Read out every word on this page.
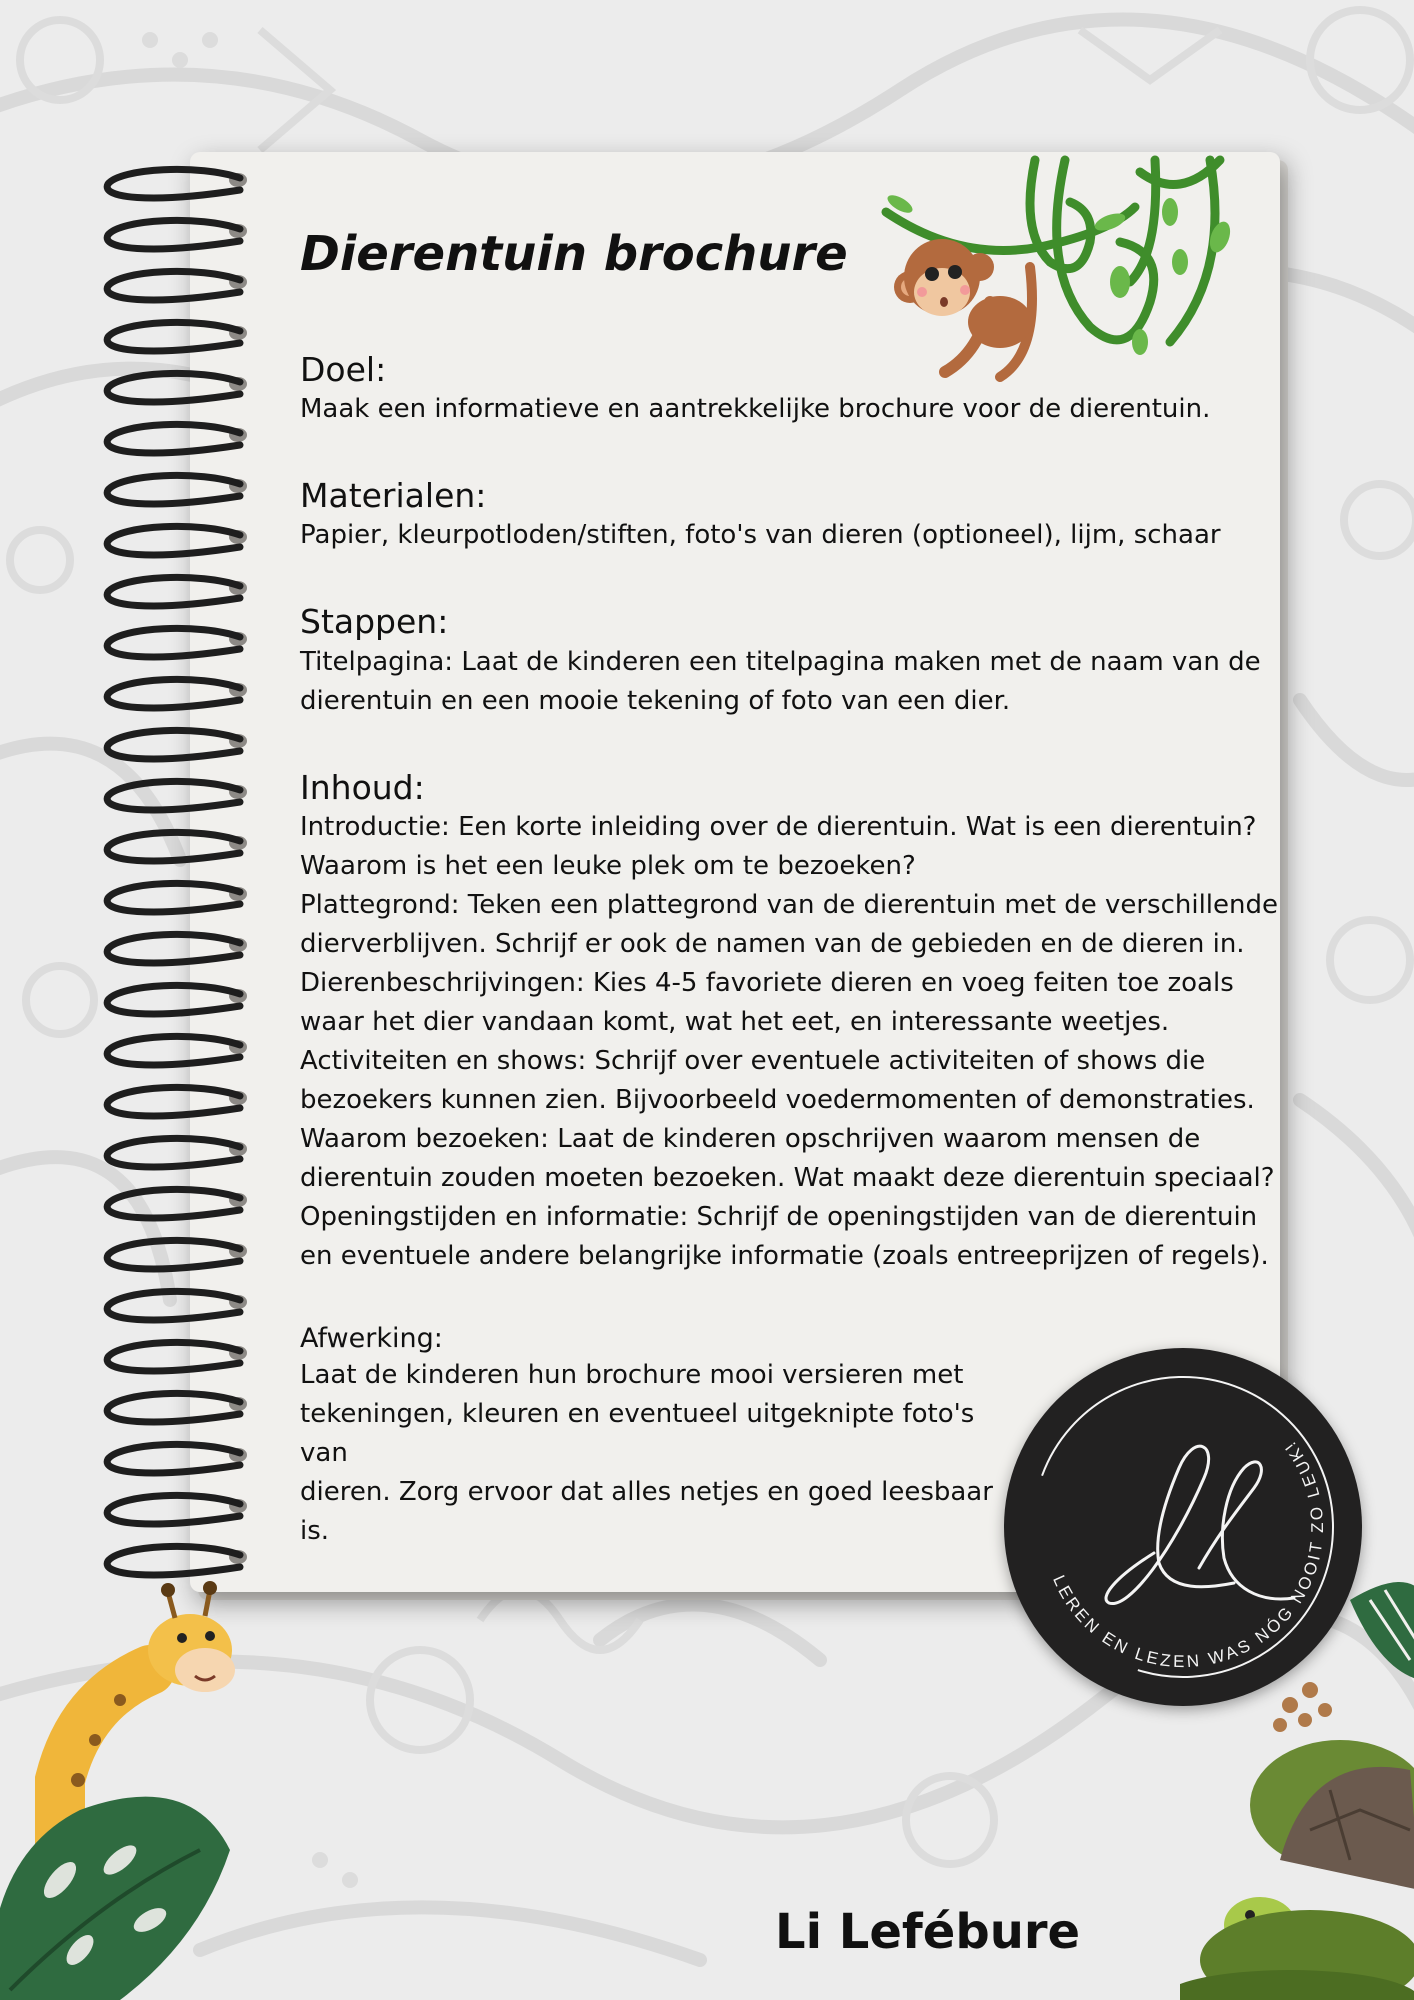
Dierentuin brochure

Doel:

Maak een informatieve en aantrekkelijke brochure voor de dierentuin.

Materialen:

Papier, kleurpotloden/stiften, foto's van dieren (optioneel), lijm, schaar

Stappen:

Titelpagina: Laat de kinderen een titelpagina maken met de naam van de

dierentuin en een mooie tekening of foto van een dier.

Inhoud:

Introductie: Een korte inleiding over de dierentuin. Wat is een dierentuin?

Waarom is het een leuke plek om te bezoeken?

Plattegrond: Teken een plattegrond van de dierentuin met de verschillende

dierverblijven. Schrijf er ook de namen van de gebieden en de dieren in.

Dierenbeschrijvingen: Kies 4-5 favoriete dieren en voeg feiten toe zoals

waar het dier vandaan komt, wat het eet, en interessante weetjes.

Activiteiten en shows: Schrijf over eventuele activiteiten of shows die

bezoekers kunnen zien. Bijvoorbeeld voedermomenten of demonstraties.

Waarom bezoeken: Laat de kinderen opschrijven waarom mensen de

dierentuin zouden moeten bezoeken. Wat maakt deze dierentuin speciaal?

Openingstijden en informatie: Schrijf de openingstijden van de dierentuin

en eventuele andere belangrijke informatie (zoals entreeprijzen of regels).

Afwerking:

Laat de kinderen hun brochure mooi versieren met

tekeningen, kleuren en eventueel uitgeknipte foto's van

dieren. Zorg ervoor dat alles netjes en goed leesbaar is.

LEREN EN LEZEN WAS NÓG NOOIT ZO LEUK!
Li Lefébure
